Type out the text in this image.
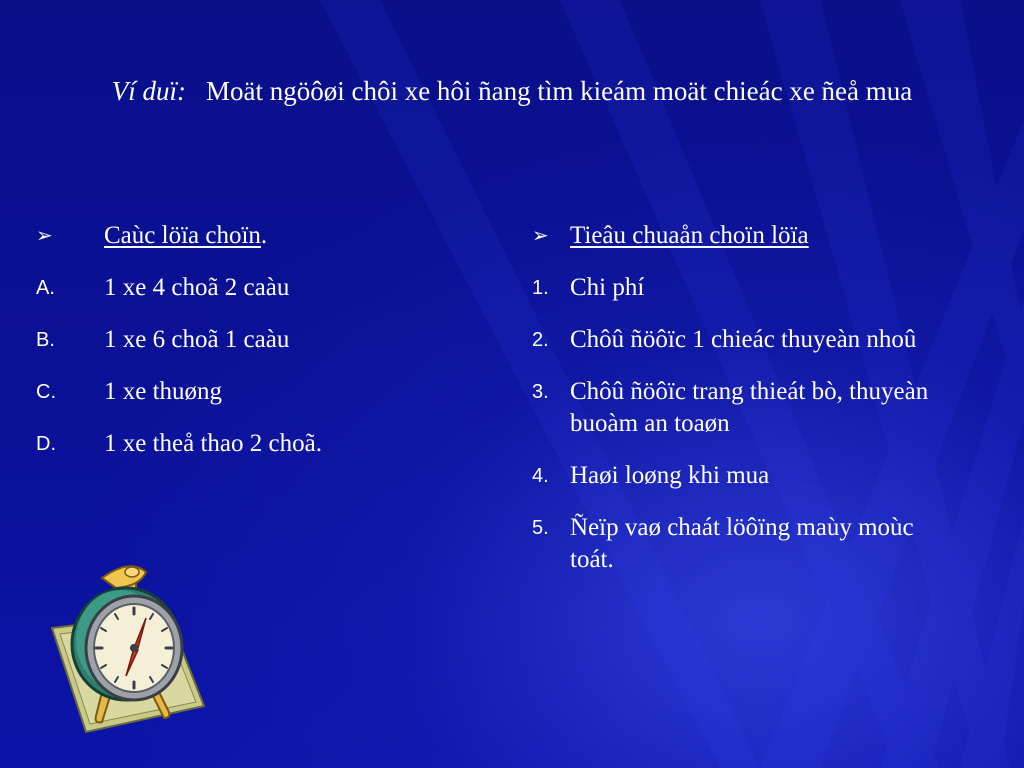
Ví duï: Moät ngöôøi chôi xe hôi ñang tìm kieám moät chieác xe ñeå mua
➢	Caùc löïa choïn.
A.	1 xe 4 choã 2 caàu
B.	1 xe 6 choã 1 caàu
C.	1 xe thuøng
D.	1 xe theå thao 2 choã.
➢ Tieâu chuaån choïn löïa
1. Chi phí
2. Chôû ñöôïc 1 chieác thuyeàn nhoû
3. Chôû ñöôïc trang thieát bò, thuyeàn buoàm an toaøn
4. Haøi loøng khi mua
5. Ñeïp vaø chaát löôïng maùy moùc toát.
